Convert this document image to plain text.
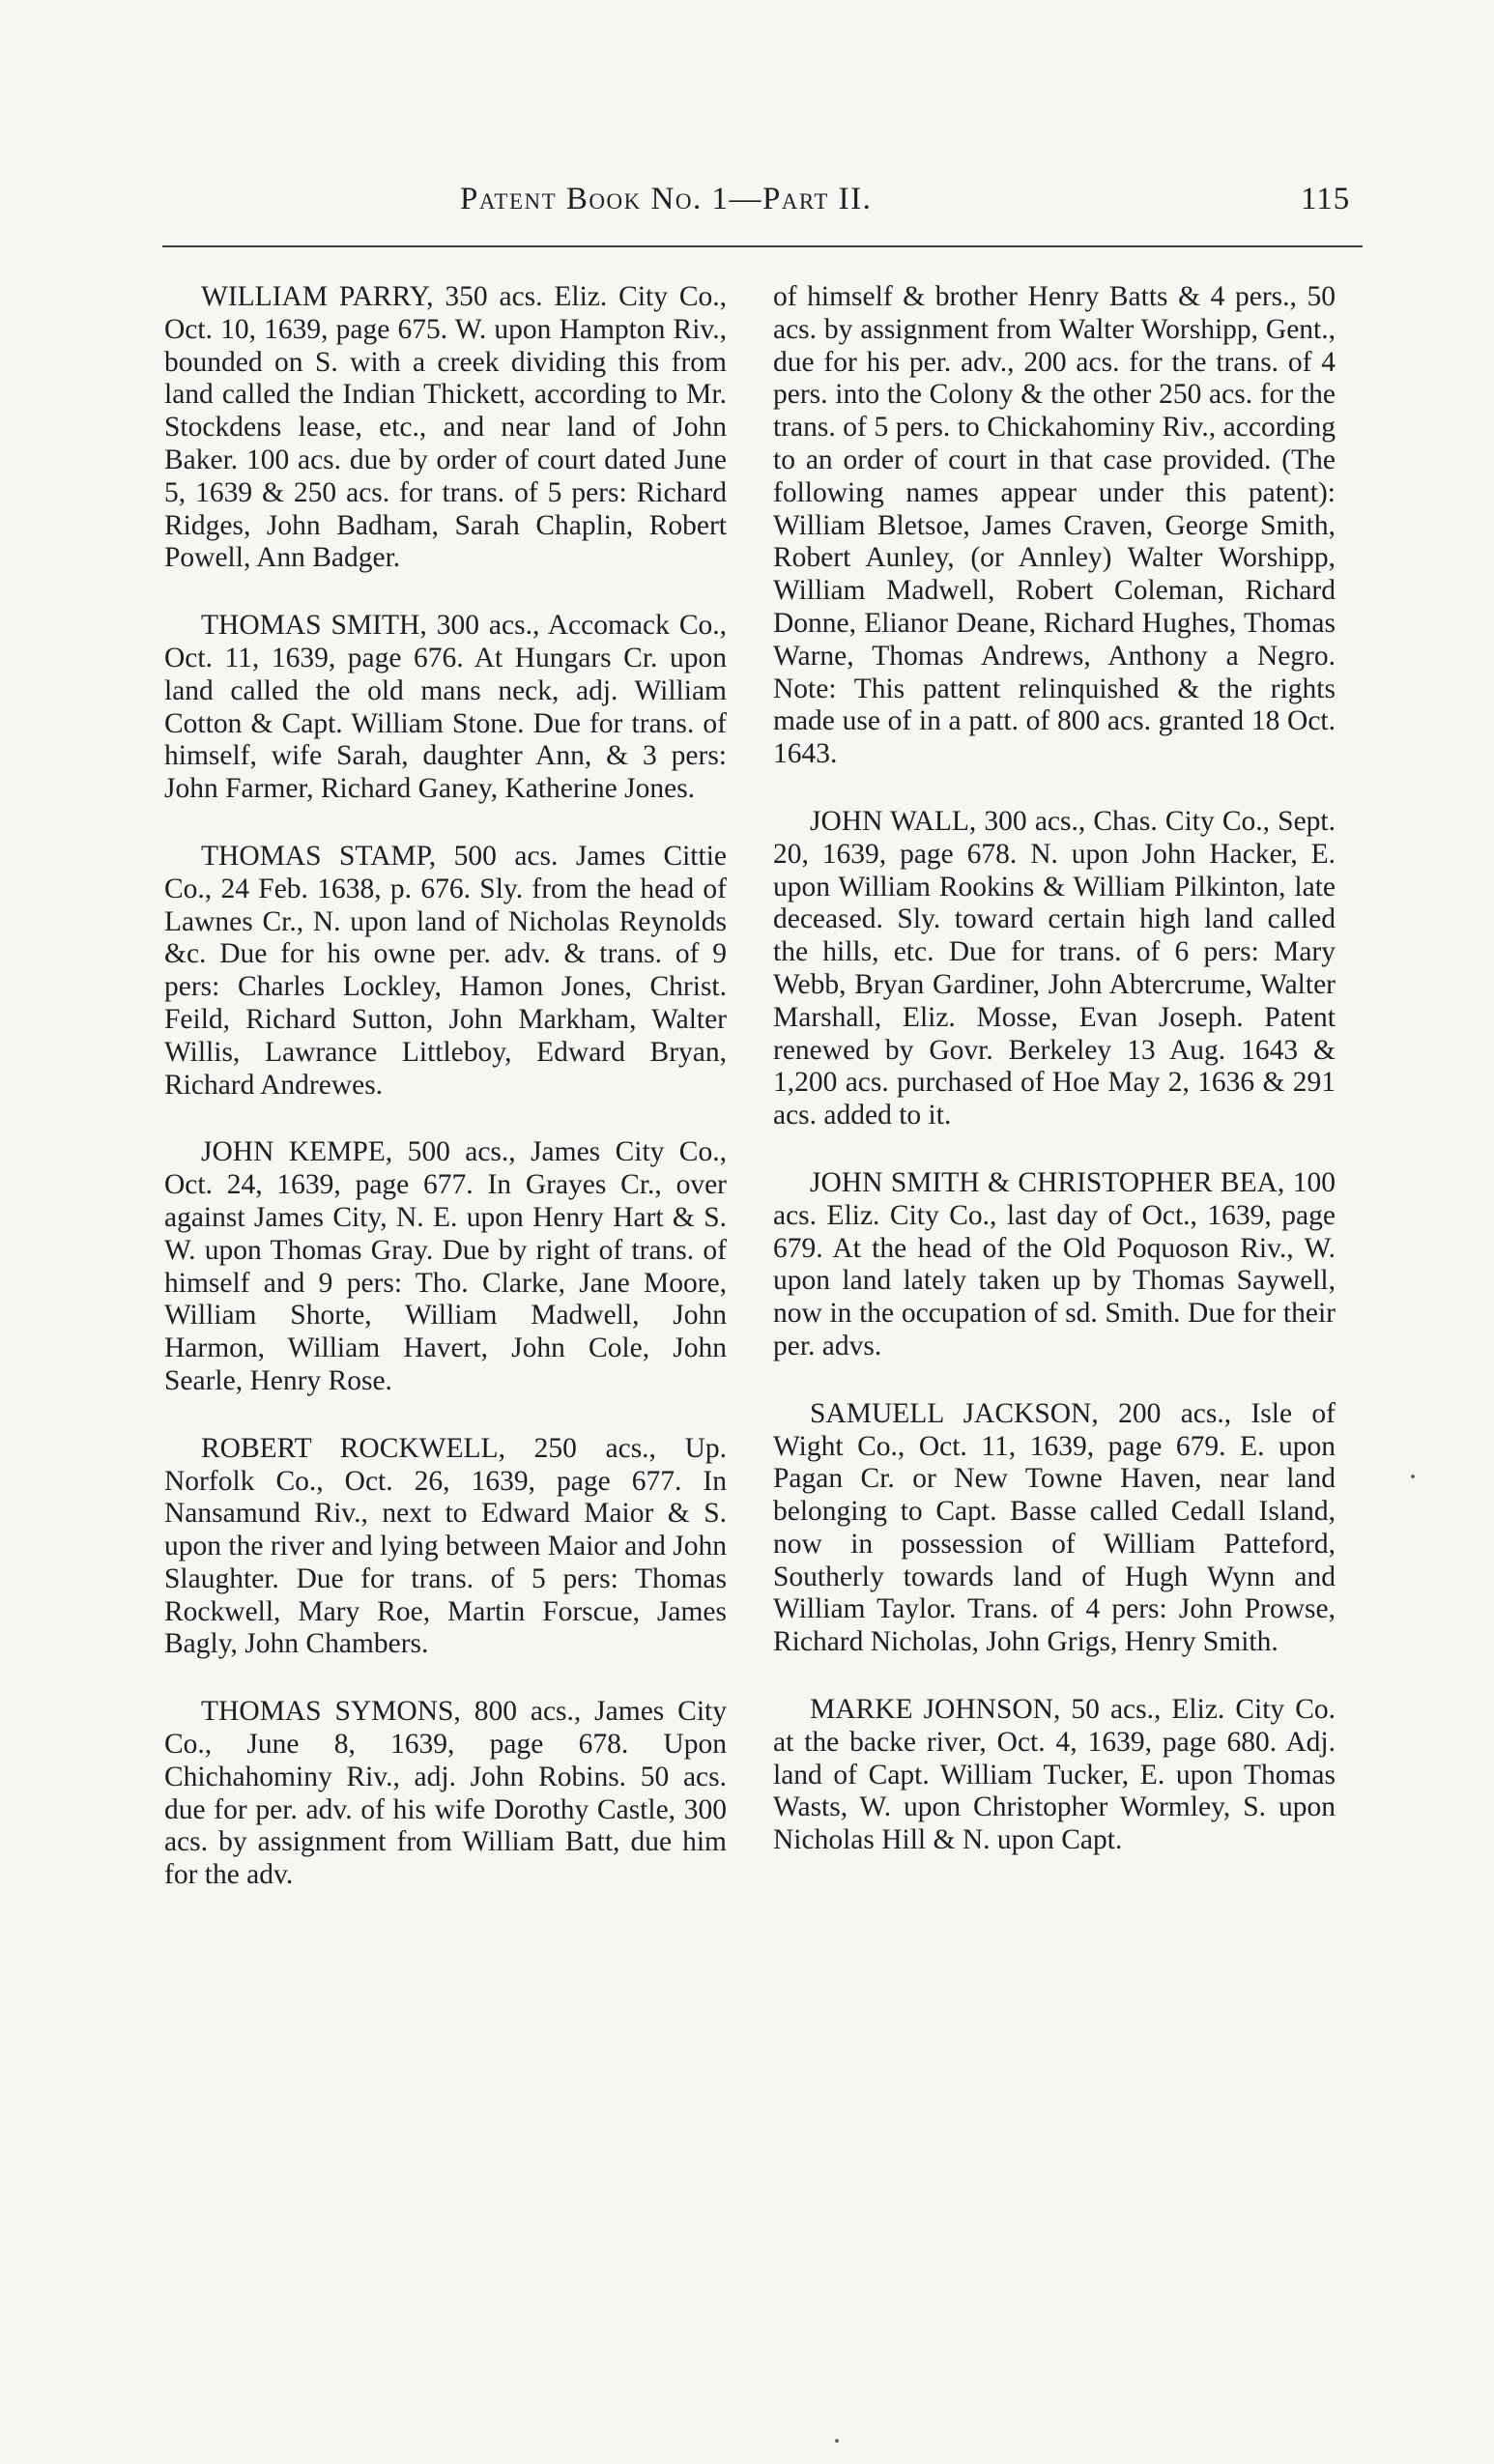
Patent Book No. 1—Part II.	115

WILLIAM PARRY, 350 acs. Eliz. City Co., Oct. 10, 1639, page 675. W. upon Hampton Riv., bounded on S. with a creek dividing this from land called the Indian Thickett, according to Mr. Stockdens lease, etc., and near land of John Baker. 100 acs. due by order of court dated June 5, 1639 & 250 acs. for trans. of 5 pers: Richard Ridges, John Badham, Sarah Chaplin, Robert Powell, Ann Badger.

THOMAS SMITH, 300 acs., Accomack Co., Oct. 11, 1639, page 676. At Hungars Cr. upon land called the old mans neck, adj. William Cotton & Capt. William Stone. Due for trans. of himself, wife Sarah, daughter Ann, & 3 pers: John Farmer, Richard Ganey, Katherine Jones.

THOMAS STAMP, 500 acs. James Cittie Co., 24 Feb. 1638, p. 676. Sly. from the head of Lawnes Cr., N. upon land of Nicholas Reynolds &c. Due for his owne per. adv. & trans. of 9 pers: Charles Lockley, Hamon Jones, Christ. Feild, Richard Sutton, John Markham, Walter Willis, Lawrance Littleboy, Edward Bryan, Richard Andrewes.

JOHN KEMPE, 500 acs., James City Co., Oct. 24, 1639, page 677. In Grayes Cr., over against James City, N. E. upon Henry Hart & S. W. upon Thomas Gray. Due by right of trans. of himself and 9 pers: Tho. Clarke, Jane Moore, William Shorte, William Madwell, John Harmon, William Havert, John Cole, John Searle, Henry Rose.

ROBERT ROCKWELL, 250 acs., Up. Norfolk Co., Oct. 26, 1639, page 677. In Nansamund Riv., next to Edward Maior & S. upon the river and lying between Maior and John Slaughter. Due for trans. of 5 pers: Thomas Rockwell, Mary Roe, Martin Forscue, James Bagly, John Chambers.

THOMAS SYMONS, 800 acs., James City Co., June 8, 1639, page 678. Upon Chichahominy Riv., adj. John Robins. 50 acs. due for per. adv. of his wife Dorothy Castle, 300 acs. by assignment from William Batt, due him for the adv.

of himself & brother Henry Batts & 4 pers., 50 acs. by assignment from Walter Worshipp, Gent., due for his per. adv., 200 acs. for the trans. of 4 pers. into the Colony & the other 250 acs. for the trans. of 5 pers. to Chickahominy Riv., according to an order of court in that case provided. (The following names appear under this patent): William Bletsoe, James Craven, George Smith, Robert Aunley, (or Annley) Walter Worshipp, William Madwell, Robert Coleman, Richard Donne, Elianor Deane, Richard Hughes, Thomas Warne, Thomas Andrews, Anthony a Negro. Note: This pattent relinquished & the rights made use of in a patt. of 800 acs. granted 18 Oct. 1643.

JOHN WALL, 300 acs., Chas. City Co., Sept. 20, 1639, page 678. N. upon John Hacker, E. upon William Rookins & William Pilkinton, late deceased. Sly. toward certain high land called the hills, etc. Due for trans. of 6 pers: Mary Webb, Bryan Gardiner, John Abtercrume, Walter Marshall, Eliz. Mosse, Evan Joseph. Patent renewed by Govr. Berkeley 13 Aug. 1643 & 1,200 acs. purchased of Hoe May 2, 1636 & 291 acs. added to it.

JOHN SMITH & CHRISTOPHER BEA, 100 acs. Eliz. City Co., last day of Oct., 1639, page 679. At the head of the Old Poquoson Riv., W. upon land lately taken up by Thomas Saywell, now in the occupation of sd. Smith. Due for their per. advs.

SAMUELL JACKSON, 200 acs., Isle of Wight Co., Oct. 11, 1639, page 679. E. upon Pagan Cr. or New Towne Haven, near land belonging to Capt. Basse called Cedall Island, now in possession of William Patteford, Southerly towards land of Hugh Wynn and William Taylor. Trans. of 4 pers: John Prowse, Richard Nicholas, John Grigs, Henry Smith.

MARKE JOHNSON, 50 acs., Eliz. City Co. at the backe river, Oct. 4, 1639, page 680. Adj. land of Capt. William Tucker, E. upon Thomas Wasts, W. upon Christopher Wormley, S. upon Nicholas Hill & N. upon Capt.
